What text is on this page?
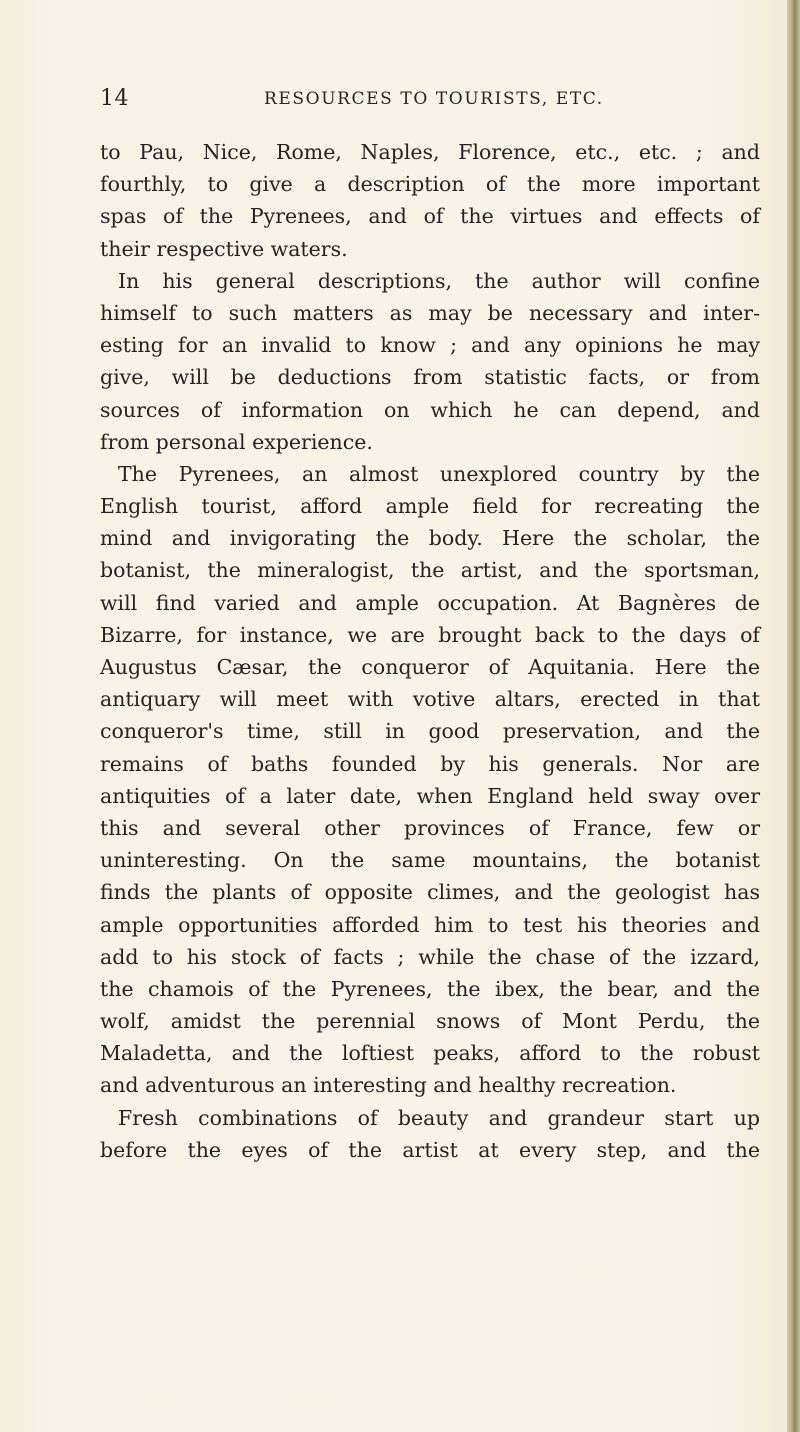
14	RESOURCES TO TOURISTS, ETC.
to Pau, Nice, Rome, Naples, Florence, etc., etc. ; and
fourthly, to give a description of the more important
spas of the Pyrenees, and of the virtues and effects of
their respective waters.
In his general descriptions, the author will confine
himself to such matters as may be necessary and inter-
esting for an invalid to know ; and any opinions he may
give, will be deductions from statistic facts, or from
sources of information on which he can depend, and
from personal experience.
The Pyrenees, an almost unexplored country by the
English tourist, afford ample field for recreating the
mind and invigorating the body. Here the scholar, the
botanist, the mineralogist, the artist, and the sportsman,
will find varied and ample occupation. At Bagnères de
Bizarre, for instance, we are brought back to the days of
Augustus Cæsar, the conqueror of Aquitania. Here the
antiquary will meet with votive altars, erected in that
conqueror's time, still in good preservation, and the
remains of baths founded by his generals. Nor are
antiquities of a later date, when England held sway over
this and several other provinces of France, few or
uninteresting. On the same mountains, the botanist
finds the plants of opposite climes, and the geologist has
ample opportunities afforded him to test his theories and
add to his stock of facts ; while the chase of the izzard,
the chamois of the Pyrenees, the ibex, the bear, and the
wolf, amidst the perennial snows of Mont Perdu, the
Maladetta, and the loftiest peaks, afford to the robust
and adventurous an interesting and healthy recreation.
Fresh combinations of beauty and grandeur start up
before the eyes of the artist at every step, and the
